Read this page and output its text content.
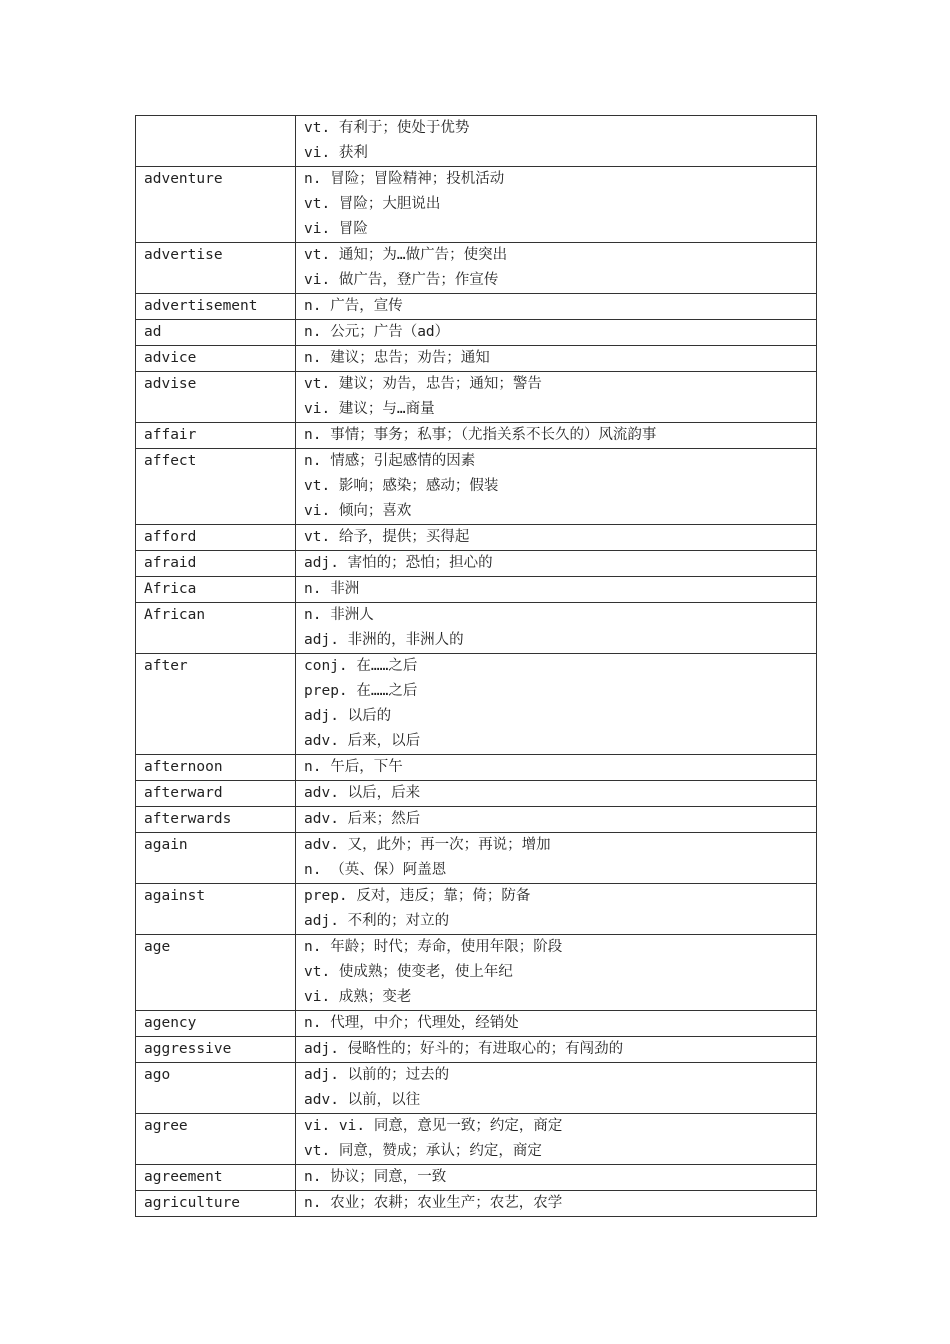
	vt. 有利于；使处于优势
vi. 获利

adventure	n. 冒险；冒险精神；投机活动
vt. 冒险；大胆说出
vi. 冒险

advertise	vt. 通知；为…做广告；使突出
vi. 做广告，登广告；作宣传

advertisement	n. 广告，宣传

ad	n. 公元；广告（ad）

advice	n. 建议；忠告；劝告；通知

advise	vt. 建议；劝告，忠告；通知；警告
vi. 建议；与…商量

affair	n. 事情；事务；私事；（尤指关系不长久的）风流韵事

affect	n. 情感；引起感情的因素
vt. 影响；感染；感动；假装
vi. 倾向；喜欢

afford	vt. 给予，提供；买得起

afraid	adj. 害怕的；恐怕；担心的

Africa	n. 非洲

African	n. 非洲人
adj. 非洲的，非洲人的

after	conj. 在……之后
prep. 在……之后
adj. 以后的
adv. 后来，以后

afternoon	n. 午后，下午

afterward	adv. 以后，后来

afterwards	adv. 后来；然后

again	adv. 又，此外；再一次；再说；增加
n. （英、保）阿盖恩

against	prep. 反对，违反；靠；倚；防备
adj. 不利的；对立的

age	n. 年龄；时代；寿命，使用年限；阶段
vt. 使成熟；使变老，使上年纪
vi. 成熟；变老

agency	n. 代理，中介；代理处，经销处

aggressive	adj. 侵略性的；好斗的；有进取心的；有闯劲的

ago	adj. 以前的；过去的
adv. 以前，以往

agree	vi. vi. 同意，意见一致；约定，商定
vt. 同意，赞成；承认；约定，商定

agreement	n. 协议；同意，一致

agriculture	n. 农业；农耕；农业生产；农艺，农学
